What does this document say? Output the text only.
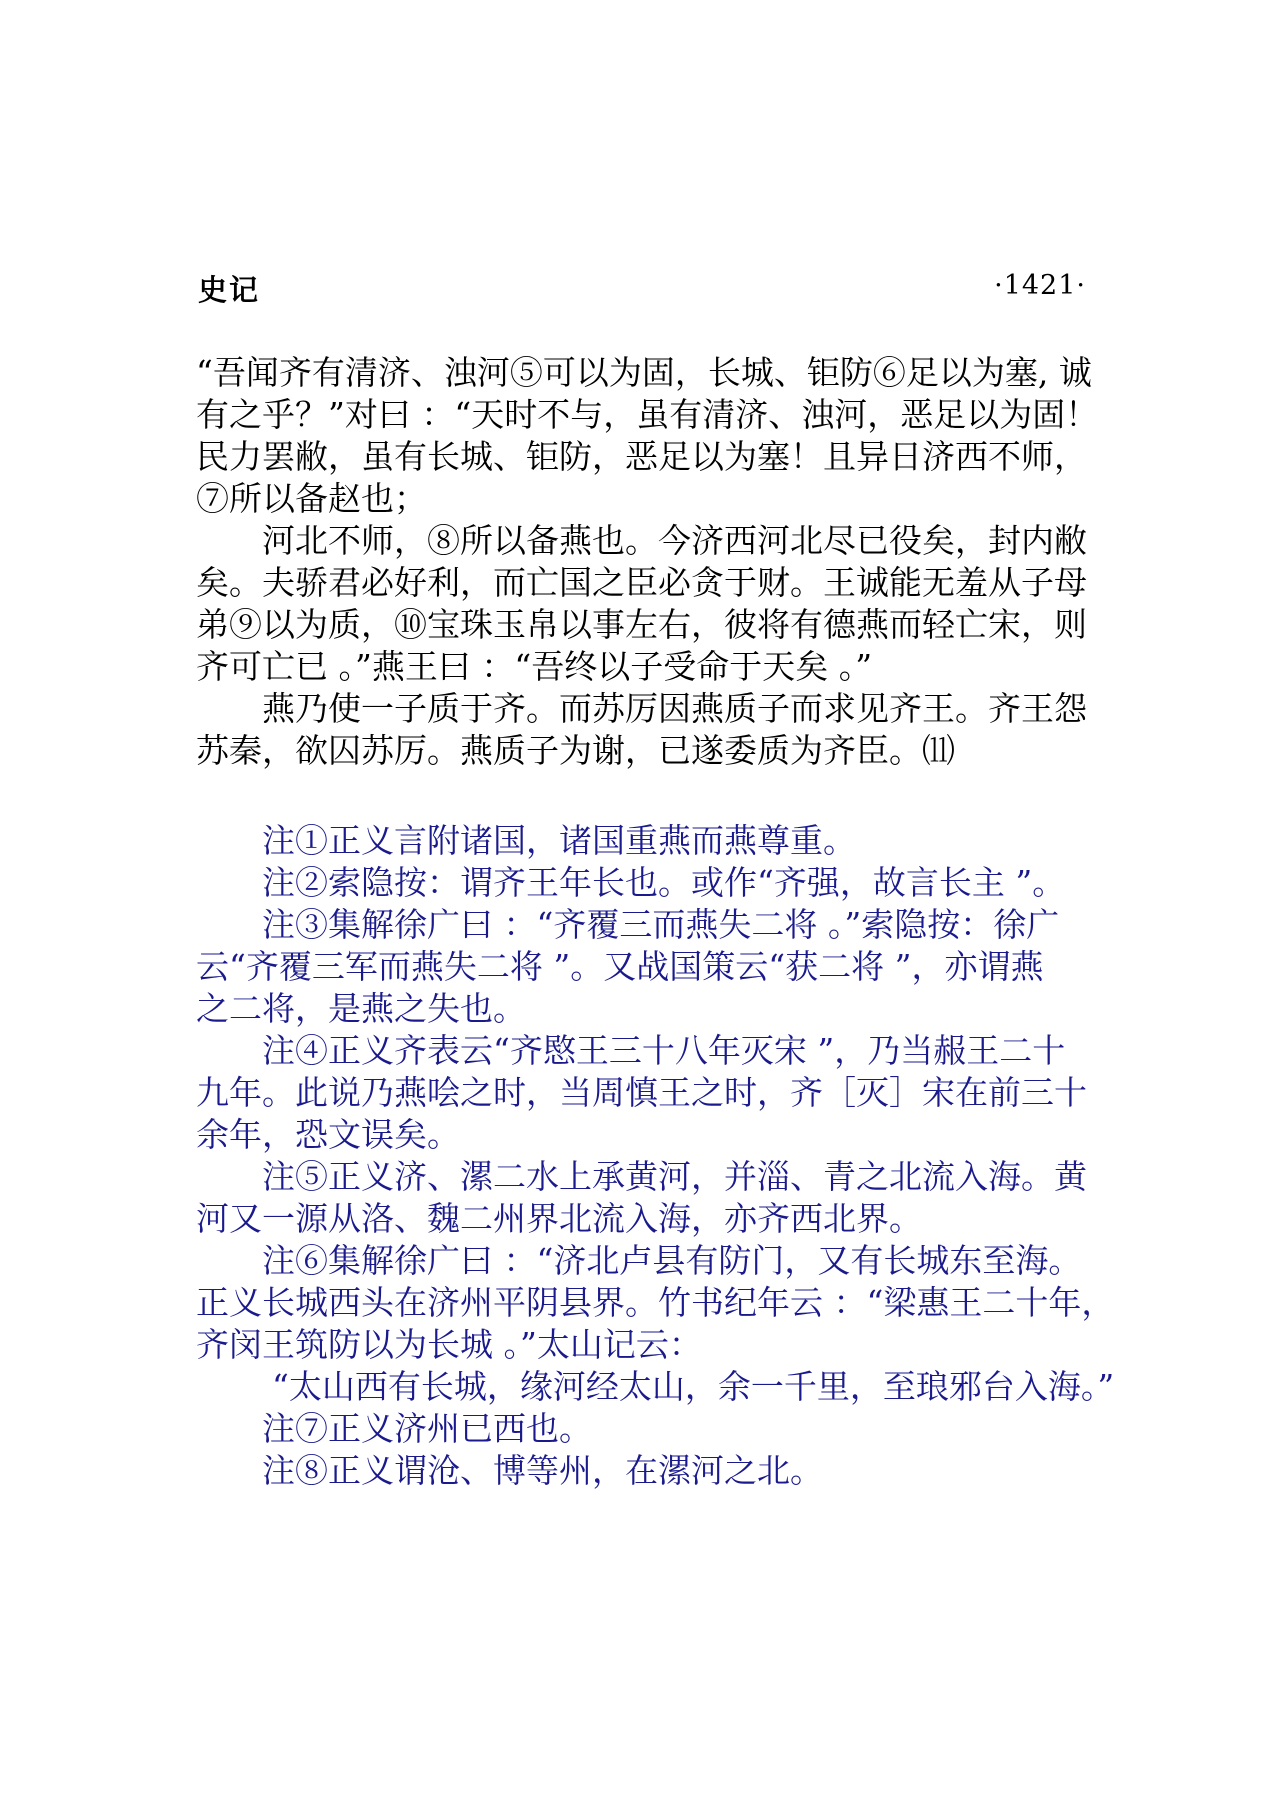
史记	·1421·
“吾闻齐有清济、浊河⑤可以为固，长城、钜防⑥足以为塞, 诚
有之乎？”对曰 ：“天时不与，虽有清济、浊河，恶足以为固！
民力罢敝，虽有长城、钜防，恶足以为塞！且异日济西不师，
⑦所以备赵也；
河北不师，⑧所以备燕也。今济西河北尽已役矣，封内敝
矣。夫骄君必好利，而亡国之臣必贪于财。王诚能无羞从子母
弟⑨以为质，⑩宝珠玉帛以事左右，彼将有德燕而轻亡宋，则
齐可亡已 。”燕王曰 ：“吾终以子受命于天矣 。”
燕乃使一子质于齐。而苏厉因燕质子而求见齐王。齐王怨
苏秦，欲囚苏厉。燕质子为谢，已遂委质为齐臣。⑾
注①正义言附诸国，诸国重燕而燕尊重。
注②索隐按：谓齐王年长也。或作“齐强，故言长主 ”。
注③集解徐广曰 ：“齐覆三而燕失二将 。”索隐按：徐广
云“齐覆三军而燕失二将 ”。又战国策云“获二将 ”，亦谓燕
之二将，是燕之失也。
注④正义齐表云“齐愍王三十八年灭宋 ”，乃当赧王二十
九年。此说乃燕哙之时，当周慎王之时，齐［灭］宋在前三十
余年，恐文误矣。
注⑤正义济、漯二水上承黄河，并淄、青之北流入海。黄
河又一源从洛、魏二州界北流入海，亦齐西北界。
注⑥集解徐广曰 ：“济北卢县有防门，又有长城东至海。
正义长城西头在济州平阴县界。竹书纪年云 ：“梁惠王二十年，
齐闵王筑防以为长城 。”太山记云：
“太山西有长城，缘河经太山，余一千里，至琅邪台入海。”
注⑦正义济州已西也。
注⑧正义谓沧、博等州，在漯河之北。
